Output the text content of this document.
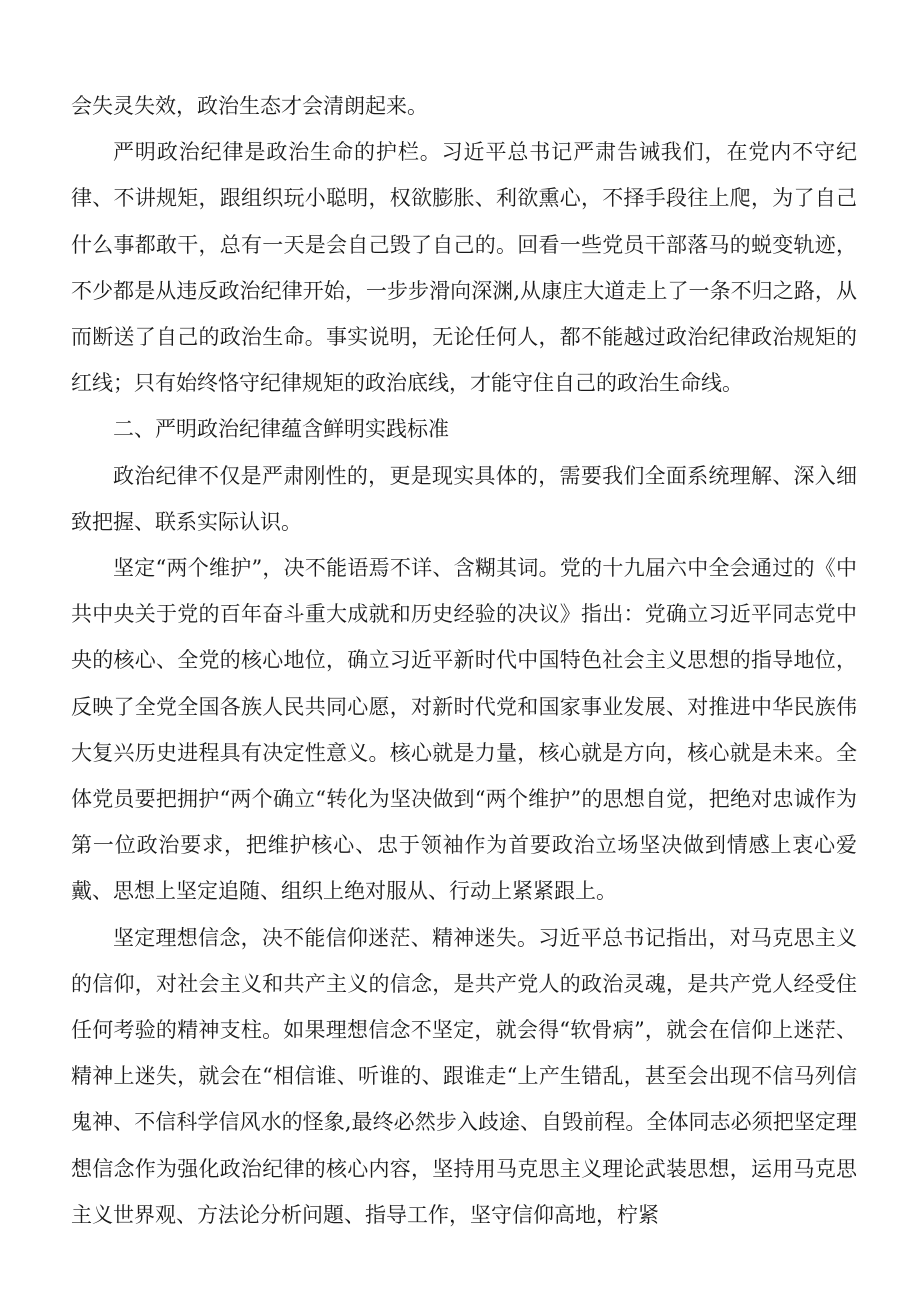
会失灵失效，政治生态才会清朗起来。

严明政治纪律是政治生命的护栏。习近平总书记严肃告诫我们，在党内不守纪律、不讲规矩，跟组织玩小聪明，权欲膨胀、利欲熏心，不择手段往上爬，为了自己什么事都敢干，总有一天是会自己毁了自己的。回看一些党员干部落马的蜕变轨迹，不少都是从违反政治纪律开始，一步步滑向深渊,从康庄大道走上了一条不归之路，从而断送了自己的政治生命。事实说明，无论任何人，都不能越过政治纪律政治规矩的红线；只有始终恪守纪律规矩的政治底线，才能守住自己的政治生命线。

二、严明政治纪律蕴含鲜明实践标准

政治纪律不仅是严肃刚性的，更是现实具体的，需要我们全面系统理解、深入细致把握、联系实际认识。

坚定“两个维护”，决不能语焉不详、含糊其词。党的十九届六中全会通过的《中共中央关于党的百年奋斗重大成就和历史经验的决议》指出：党确立习近平同志党中央的核心、全党的核心地位，确立习近平新时代中国特色社会主义思想的指导地位，反映了全党全国各族人民共同心愿，对新时代党和国家事业发展、对推进中华民族伟大复兴历史进程具有决定性意义。核心就是力量，核心就是方向，核心就是未来。全体党员要把拥护“两个确立“转化为坚决做到“两个维护”的思想自觉，把绝对忠诚作为第一位政治要求，把维护核心、忠于领袖作为首要政治立场坚决做到情感上衷心爱戴、思想上坚定追随、组织上绝对服从、行动上紧紧跟上。

坚定理想信念，决不能信仰迷茫、精神迷失。习近平总书记指出，对马克思主义的信仰，对社会主义和共产主义的信念，是共产党人的政治灵魂，是共产党人经受住任何考验的精神支柱。如果理想信念不坚定，就会得“软骨病”，就会在信仰上迷茫、精神上迷失，就会在“相信谁、听谁的、跟谁走“上产生错乱，甚至会出现不信马列信鬼神、不信科学信风水的怪象,最终必然步入歧途、自毁前程。全体同志必须把坚定理想信念作为强化政治纪律的核心内容，坚持用马克思主义理论武装思想，运用马克思主义世界观、方法论分析问題、指导工作，坚守信仰高地，柠紧
